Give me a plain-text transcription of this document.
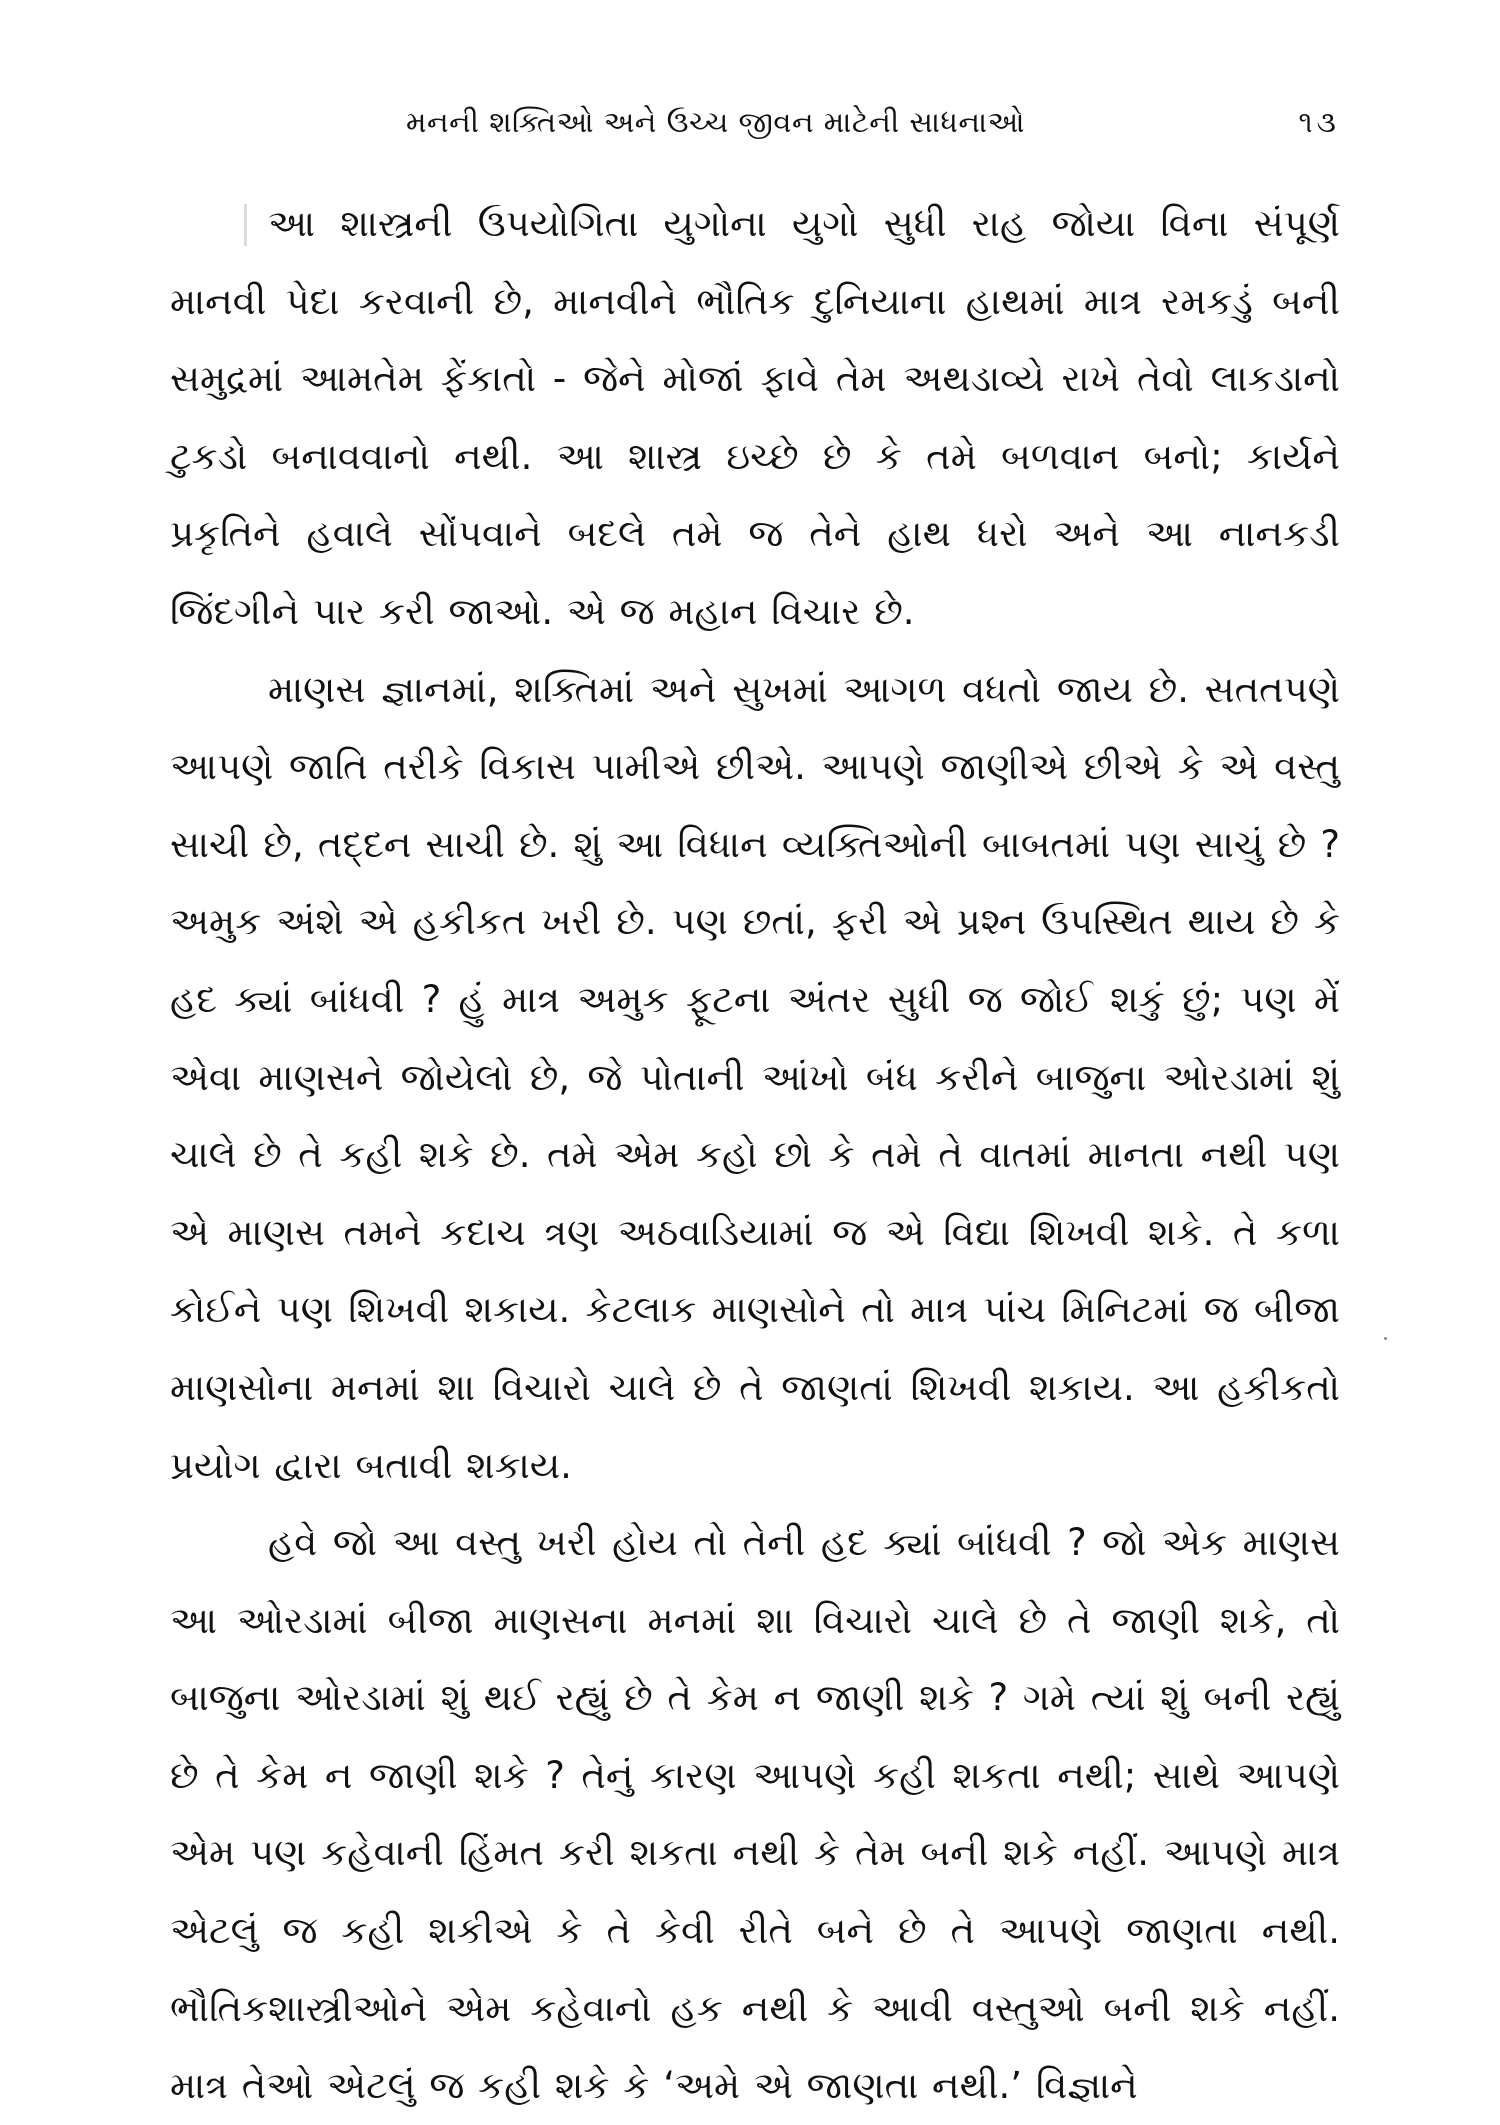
મનની શક્તિઓ અને ઉચ્ચ જીવન માટેની સાધનાઓ	૧૩

આ શાસ્ત્રની ઉપયોગિતા યુગોના યુગો સુધી રાહ જોયા વિના સંપૂર્ણ માનવી પેદા કરવાની છે, માનવીને ભૌતિક દુનિયાના હાથમાં માત્ર રમકડું બની સમુદ્રમાં આમતેમ ફેંકાતો - જેને મોજાં ફાવે તેમ અથડાવ્યે રાખે તેવો લાકડાનો ટુકડો બનાવવાનો નથી. આ શાસ્ત્ર ઇચ્છે છે કે તમે બળવાન બનો; કાર્યને પ્રકૃતિને હવાલે સોંપવાને બદલે તમે જ તેને હાથ ધરો અને આ નાનકડી જિંદગીને પાર કરી જાઓ. એ જ મહાન વિચાર છે.

માણસ જ્ઞાનમાં, શક્તિમાં અને સુખમાં આગળ વધતો જાય છે. સતતપણે આપણે જાતિ તરીકે વિકાસ પામીએ છીએ. આપણે જાણીએ છીએ કે એ વસ્તુ સાચી છે, તદ્દન સાચી છે. શું આ વિધાન વ્યક્તિઓની બાબતમાં પણ સાચું છે ? અમુક અંશે એ હકીકત ખરી છે. પણ છતાં, ફરી એ પ્રશ્ન ઉપસ્થિત થાય છે કે હદ ક્યાં બાંધવી ? હું માત્ર અમુક ફૂટના અંતર સુધી જ જોઈ શકું છું; પણ મેં એવા માણસને જોયેલો છે, જે પોતાની આંખો બંધ કરીને બાજુના ઓરડામાં શું ચાલે છે તે કહી શકે છે. તમે એમ કહો છો કે તમે તે વાતમાં માનતા નથી પણ એ માણસ તમને કદાચ ત્રણ અઠવાડિયામાં જ એ વિદ્યા શિખવી શકે. તે કળા કોઈને પણ શિખવી શકાય. કેટલાક માણસોને તો માત્ર પાંચ મિનિટમાં જ બીજા માણસોના મનમાં શા વિચારો ચાલે છે તે જાણતાં શિખવી શકાય. આ હકીકતો પ્રયોગ દ્વારા બતાવી શકાય.

હવે જો આ વસ્તુ ખરી હોય તો તેની હદ ક્યાં બાંધવી ? જો એક માણસ આ ઓરડામાં બીજા માણસના મનમાં શા વિચારો ચાલે છે તે જાણી શકે, તો બાજુના ઓરડામાં શું થઈ રહ્યું છે તે કેમ ન જાણી શકે ? ગમે ત્યાં શું બની રહ્યું છે તે કેમ ન જાણી શકે ? તેનું કારણ આપણે કહી શકતા નથી; સાથે આપણે એમ પણ કહેવાની હિંમત કરી શકતા નથી કે તેમ બની શકે નહીં. આપણે માત્ર એટલું જ કહી શકીએ કે તે કેવી રીતે બને છે તે આપણે જાણતા નથી. ભૌતિકશાસ્ત્રીઓને એમ કહેવાનો હક નથી કે આવી વસ્તુઓ બની શકે નહીં. માત્ર તેઓ એટલું જ કહી શકે કે ‘અમે એ જાણતા નથી.’ વિજ્ઞાને
